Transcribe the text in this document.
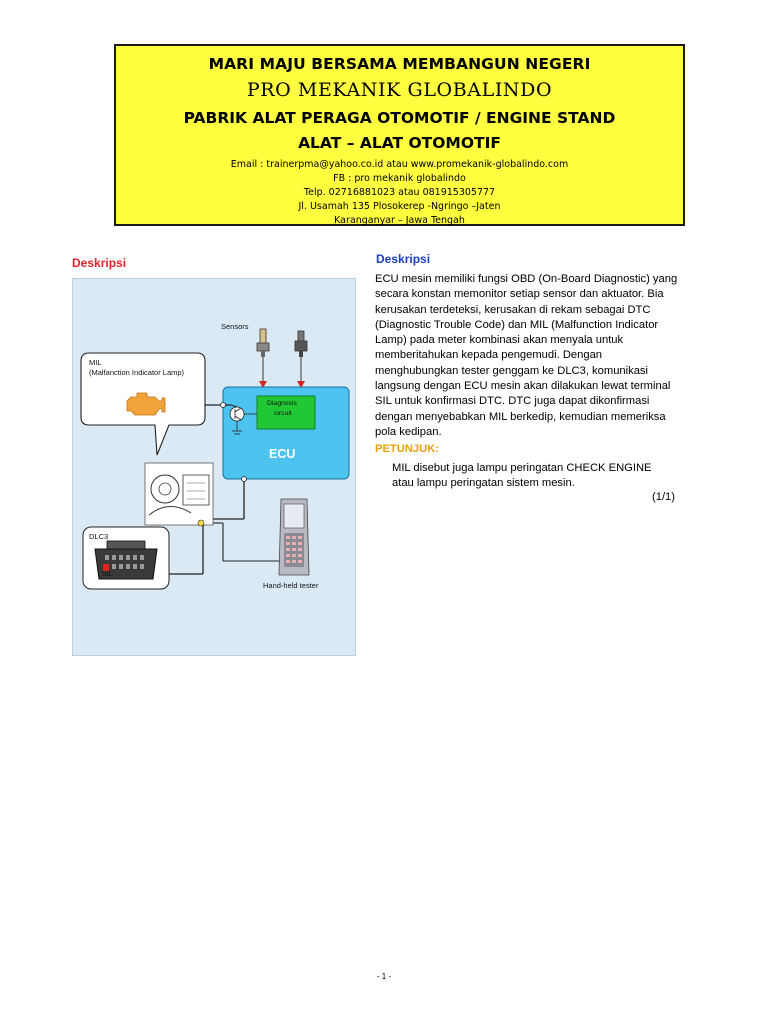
MARI MAJU BERSAMA MEMBANGUN NEGERI
PRO MEKANIK GLOBALINDO
PABRIK ALAT PERAGA OTOMOTIF / ENGINE STAND
ALAT – ALAT OTOMOTIF
Email : trainerpma@yahoo.co.id atau www.promekanik-globalindo.com
FB : pro mekanik globalindo
Telp. 02716881023 atau 081915305777
Jl. Usamah 135 Plosokerep -Ngringo –Jaten
Karanganyar – Jawa Tengah
Deskripsi
Sensors
MIL
(Malfanction Indicator Lamp)
Diagnosis
circuit
ECU
DLC3
SIL
Hand-held tester
Deskripsi

ECU mesin memiliki fungsi OBD (On-Board Diagnostic) yang secara konstan memonitor setiap sensor dan aktuator. Bia kerusakan terdeteksi, kerusakan di rekam sebagai DTC (Diagnostic Trouble Code) dan MIL (Malfunction Indicator Lamp) pada meter kombinasi akan menyala untuk memberitahukan kepada pengemudi. Dengan menghubungkan tester genggam ke DLC3, komunikasi langsung dengan ECU mesin akan dilakukan lewat terminal SIL untuk konfirmasi DTC. DTC juga dapat dikonfirmasi dengan menyebabkan MIL berkedip, kemudian memeriksa pola kedipan.

PETUNJUK:
MIL disebut juga lampu peringatan CHECK ENGINE atau lampu peringatan sistem mesin.
(1/1)
- 1 -
